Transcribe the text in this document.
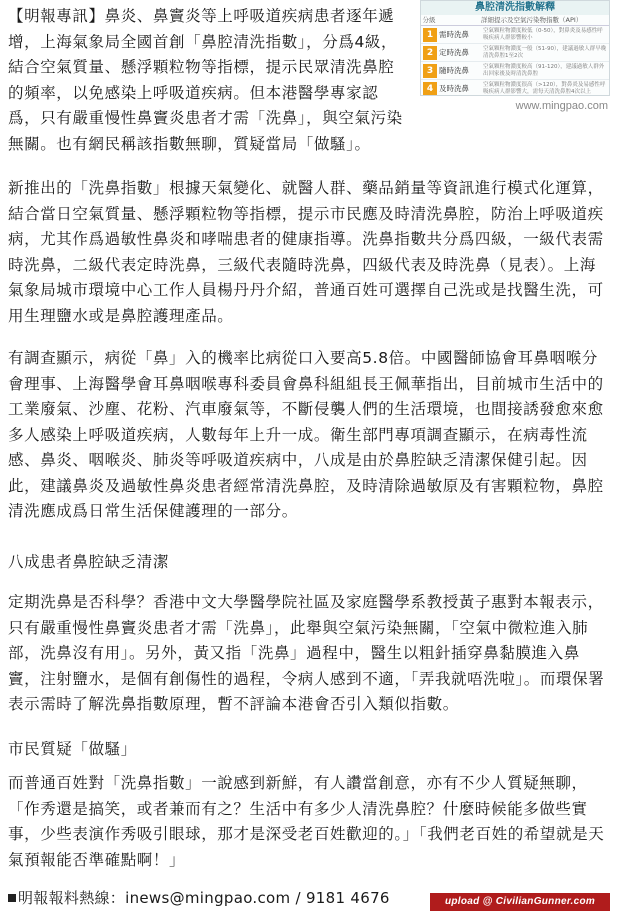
【明報專訊】鼻炎、鼻竇炎等上呼吸道疾病患者逐年遞增，上海氣象局全國首創「鼻腔清洗指數」，分爲4級，結合空氣質量、懸浮顆粒物等指標，提示民眾清洗鼻腔的頻率，以免感染上呼吸道疾病。但本港醫學專家認爲，只有嚴重慢性鼻竇炎患者才需「洗鼻」，與空氣污染無關。也有網民稱該指數無聊，質疑當局「做騷」。

鼻腔清洗指數解釋
分級	詳細提示及空氣污染物指數（API）
1 需時洗鼻	空氣顆粒物濃度較低（0-50），對鼻炎及易感性呼吸疾病人群影響較小
2 定時洗鼻	空氣顆粒物濃度一般（51-90），建議過敏人群早晚清洗鼻腔1至2次
3 隨時洗鼻	空氣顆粒物濃度較高（91-120），建議過敏人群外出回家後及時清洗鼻腔
4 及時洗鼻	空氣顆粒物濃度很高（>120），對鼻炎及易感性呼吸疾病人群影響大，需每天清洗鼻腔4次以上
www.mingpao.com

新推出的「洗鼻指數」根據天氣變化、就醫人群、藥品銷量等資訊進行模式化運算，結合當日空氣質量、懸浮顆粒物等指標，提示市民應及時清洗鼻腔，防治上呼吸道疾病，尤其作爲過敏性鼻炎和哮喘患者的健康指導。洗鼻指數共分爲四級，一級代表需時洗鼻，二級代表定時洗鼻，三級代表隨時洗鼻，四級代表及時洗鼻（見表）。上海氣象局城市環境中心工作人員楊丹丹介紹，普通百姓可選擇自己洗或是找醫生洗，可用生理鹽水或是鼻腔護理產品。

有調查顯示，病從「鼻」入的機率比病從口入要高5.8倍。中國醫師協會耳鼻咽喉分會理事、上海醫學會耳鼻咽喉專科委員會鼻科組組長王佩華指出，目前城市生活中的工業廢氣、沙塵、花粉、汽車廢氣等，不斷侵襲人們的生活環境，也間接誘發愈來愈多人感染上呼吸道疾病，人數每年上升一成。衛生部門專項調查顯示，在病毒性流感、鼻炎、咽喉炎、肺炎等呼吸道疾病中，八成是由於鼻腔缺乏清潔保健引起。因此，建議鼻炎及過敏性鼻炎患者經常清洗鼻腔，及時清除過敏原及有害顆粒物，鼻腔清洗應成爲日常生活保健護理的一部分。

八成患者鼻腔缺乏清潔

定期洗鼻是否科學？香港中文大學醫學院社區及家庭醫學系教授黃子惠對本報表示，只有嚴重慢性鼻竇炎患者才需「洗鼻」，此舉與空氣污染無關，「空氣中微粒進入肺部，洗鼻沒有用」。另外，黃又指「洗鼻」過程中，醫生以粗針插穿鼻黏膜進入鼻竇，注射鹽水，是個有創傷性的過程，令病人感到不適，「弄我就唔洗啦」。而環保署表示需時了解洗鼻指數原理，暫不評論本港會否引入類似指數。

市民質疑「做騷」

而普通百姓對「洗鼻指數」一說感到新鮮，有人讚當創意，亦有不少人質疑無聊，「作秀還是搞笑，或者兼而有之？生活中有多少人清洗鼻腔？什麼時候能多做些實事，少些表演作秀吸引眼球，那才是深受老百姓歡迎的。」「我們老百姓的希望就是天氣預報能否準確點啊！」

明報報料熱線：inews@mingpao.com / 9181 4676	upload @ CivilianGunner.com
